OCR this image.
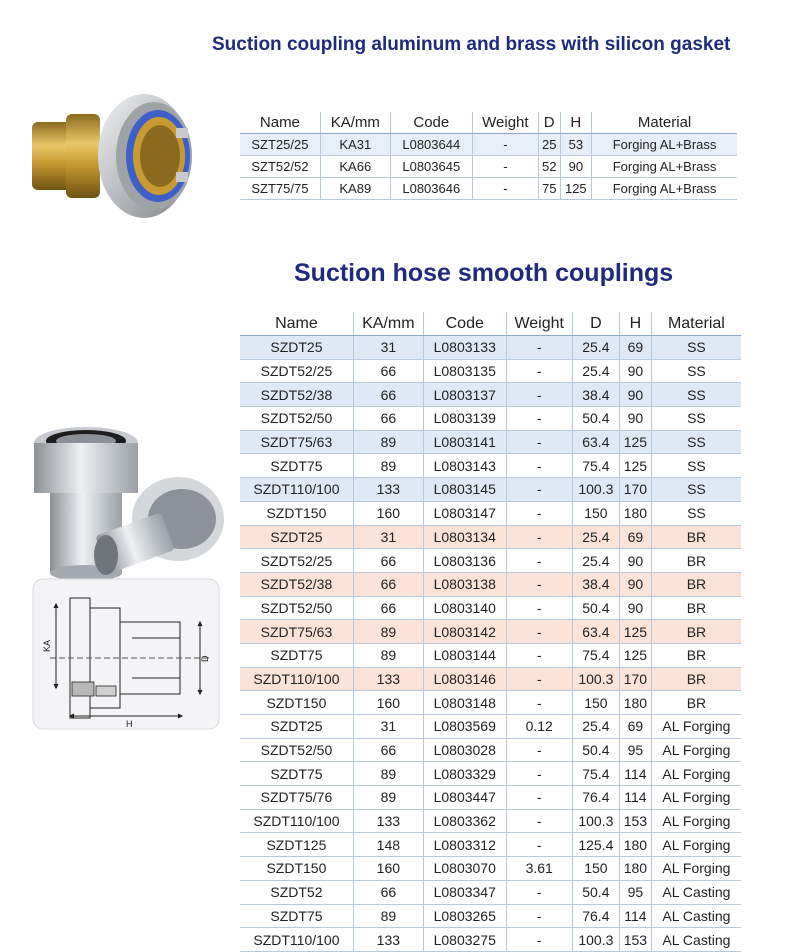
Suction coupling aluminum and brass with silicon gasket
Suction hose smooth couplings
KA
D
H
Name	KA/mm	Code	Weight	D	H	Material
SZT25/25	KA31	L0803644	-	25	53	Forging AL+Brass
SZT52/52	KA66	L0803645	-	52	90	Forging AL+Brass
SZT75/75	KA89	L0803646	-	75	125	Forging AL+Brass
Name	KA/mm	Code	Weight	D	H	Material
SZDT25	31	L0803133	-	25.4	69	SS
SZDT52/25	66	L0803135	-	25.4	90	SS
SZDT52/38	66	L0803137	-	38.4	90	SS
SZDT52/50	66	L0803139	-	50.4	90	SS
SZDT75/63	89	L0803141	-	63.4	125	SS
SZDT75	89	L0803143	-	75.4	125	SS
SZDT110/100	133	L0803145	-	100.3	170	SS
SZDT150	160	L0803147	-	150	180	SS
SZDT25	31	L0803134	-	25.4	69	BR
SZDT52/25	66	L0803136	-	25.4	90	BR
SZDT52/38	66	L0803138	-	38.4	90	BR
SZDT52/50	66	L0803140	-	50.4	90	BR
SZDT75/63	89	L0803142	-	63.4	125	BR
SZDT75	89	L0803144	-	75.4	125	BR
SZDT110/100	133	L0803146	-	100.3	170	BR
SZDT150	160	L0803148	-	150	180	BR
SZDT25	31	L0803569	0.12	25.4	69	AL Forging
SZDT52/50	66	L0803028	-	50.4	95	AL Forging
SZDT75	89	L0803329	-	75.4	114	AL Forging
SZDT75/76	89	L0803447	-	76.4	114	AL Forging
SZDT110/100	133	L0803362	-	100.3	153	AL Forging
SZDT125	148	L0803312	-	125.4	180	AL Forging
SZDT150	160	L0803070	3.61	150	180	AL Forging
SZDT52	66	L0803347	-	50.4	95	AL Casting
SZDT75	89	L0803265	-	76.4	114	AL Casting
SZDT110/100	133	L0803275	-	100.3	153	AL Casting
